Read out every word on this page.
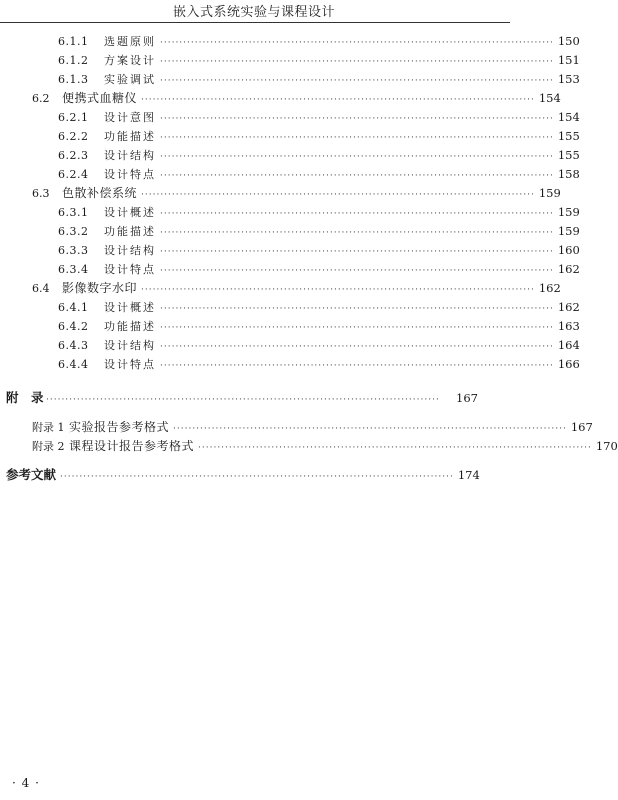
嵌入式系统实验与课程设计
6.1.1	选题原则 ······································································································ 150
6.1.2	方案设计 ······································································································ 151
6.1.3	实验调试 ······································································································ 153
6.2	便携式血糖仪 ······································································································ 154
6.2.1	设计意图 ······································································································ 154
6.2.2	功能描述 ······································································································ 155
6.2.3	设计结构 ······································································································ 155
6.2.4	设计特点 ······································································································ 158
6.3	色散补偿系统 ······································································································ 159
6.3.1	设计概述 ······································································································ 159
6.3.2	功能描述 ······································································································ 159
6.3.3	设计结构 ······································································································ 160
6.3.4	设计特点 ······································································································ 162
6.4	影像数字水印 ······································································································ 162
6.4.1	设计概述 ······································································································ 162
6.4.2	功能描述 ······································································································ 163
6.4.3	设计结构 ······································································································ 164
6.4.4	设计特点 ······································································································ 166
附　录 ······································································································	167
附录 1 实验报告参考格式 ······································································································ 167
附录 2 课程设计报告参考格式 ······································································································ 170
参考文献 ······································································································ 174
· 4 ·
